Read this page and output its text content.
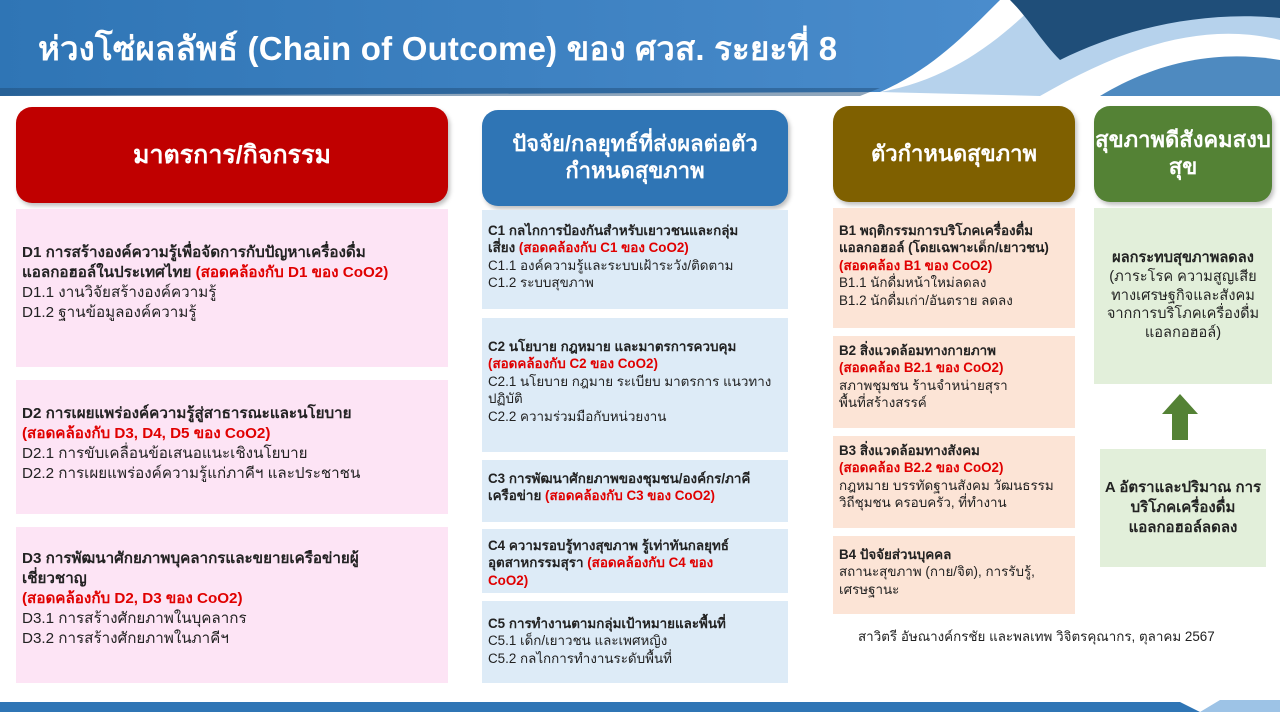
ห่วงโซ่ผลลัพธ์ (Chain of Outcome) ของ ศวส. ระยะที่ 8
มาตรการ/กิจกรรม	ปัจจัย/กลยุทธ์ที่ส่งผลต่อตัวกำหนดสุขภาพ
ตัวกำหนดสุขภาพ
สุขภาพดีสังคมสงบสุข
D1 การสร้างองค์ความรู้เพื่อจัดการกับปัญหาเครื่องดื่ม
แอลกอฮอล์ในประเทศไทย (สอดคล้องกับ D1 ของ CoO2)
D1.1 งานวิจัยสร้างองค์ความรู้
D1.2 ฐานข้อมูลองค์ความรู้
D2 การเผยแพร่องค์ความรู้สู่สาธารณะและนโยบาย
(สอดคล้องกับ D3, D4, D5 ของ CoO2)
D2.1 การขับเคลื่อนข้อเสนอแนะเชิงนโยบาย
D2.2 การเผยแพร่องค์ความรู้แก่ภาคีฯ และประชาชน
D3 การพัฒนาศักยภาพบุคลากรและขยายเครือข่ายผู้
เชี่ยวชาญ
(สอดคล้องกับ D2, D3 ของ CoO2)
D3.1 การสร้างศักยภาพในบุคลากร
D3.2 การสร้างศักยภาพในภาคีฯ
C1 กลไกการป้องกันสำหรับเยาวชนและกลุ่ม
เสี่ยง (สอดคล้องกับ C1 ของ CoO2)
C1.1 องค์ความรู้และระบบเฝ้าระวัง/ติดตาม
C1.2 ระบบสุขภาพ
C2 นโยบาย กฎหมาย และมาตรการควบคุม
(สอดคล้องกับ C2 ของ CoO2)
C2.1 นโยบาย กฎมาย ระเบียบ มาตรการ แนวทาง
ปฏิบัติ
C2.2 ความร่วมมือกับหน่วยงาน
C3 การพัฒนาศักยภาพของชุมชน/องค์กร/ภาคี
เครือข่าย (สอดคล้องกับ C3 ของ CoO2)
C4 ความรอบรู้ทางสุขภาพ รู้เท่าทันกลยุทธ์
อุตสาหกรรมสุรา (สอดคล้องกับ C4 ของ
CoO2)
C5 การทำงานตามกลุ่มเป้าหมายและพื้นที่
C5.1 เด็ก/เยาวชน และเพศหญิง
C5.2 กลไกการทำงานระดับพื้นที่
B1 พฤติกรรมการบริโภคเครื่องดื่ม
แอลกอฮอล์ (โดยเฉพาะเด็ก/เยาวชน)
(สอดคล้อง B1 ของ CoO2)
B1.1 นักดื่มหน้าใหม่ลดลง
B1.2 นักดื่มเก่า/อันตราย ลดลง
B2 สิ่งแวดล้อมทางกายภาพ
(สอดคล้อง B2.1 ของ CoO2)
สภาพชุมชน ร้านจำหน่ายสุรา
พื้นที่สร้างสรรค์
B3 สิ่งแวดล้อมทางสังคม
(สอดคล้อง B2.2 ของ CoO2)
กฎหมาย บรรทัดฐานสังคม วัฒนธรรม
วิถีชุมชน ครอบครัว, ที่ทำงาน
B4 ปัจจัยส่วนบุคคล
สถานะสุขภาพ (กาย/จิต), การรับรู้,
เศรษฐานะ
ผลกระทบสุขภาพลดลง (ภาระโรค ความสูญเสีย ทางเศรษฐกิจและสังคม จากการบริโภคเครื่องดื่ม แอลกอฮอล์)
A อัตราและปริมาณ การบริโภคเครื่องดื่ม แอลกอฮอล์ลดลง
สาวิตรี อัษณางค์กรชัย และพลเทพ วิจิตรคุณากร, ตุลาคม 2567
